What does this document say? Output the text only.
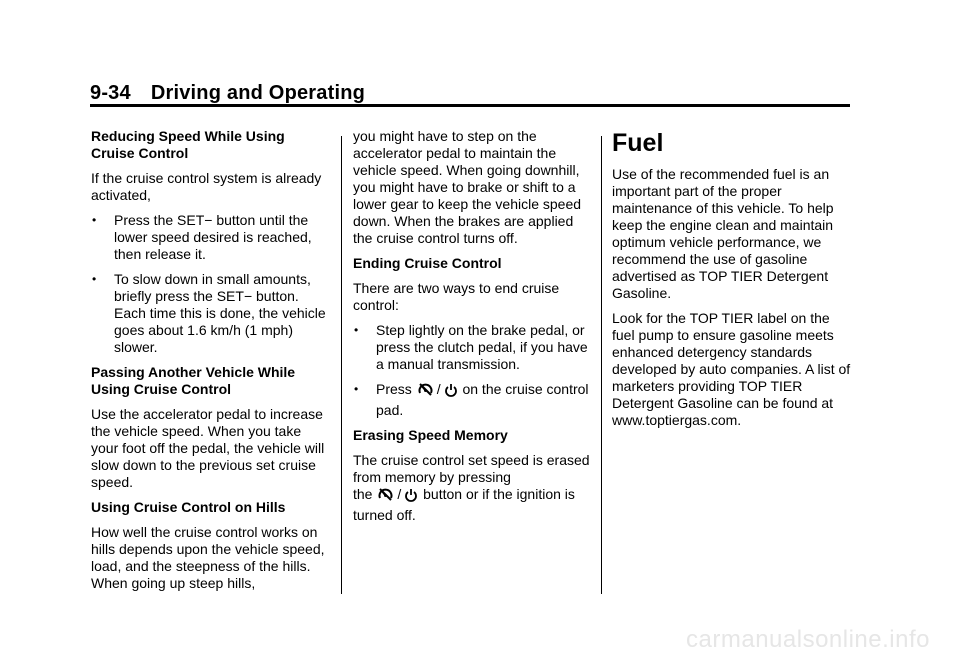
9-34 Driving and Operating
Reducing Speed While Using Cruise Control

If the cruise control system is already activated,

• Press the SET− button until the lower speed desired is reached, then release it.
• To slow down in small amounts, briefly press the SET− button. Each time this is done, the vehicle goes about 1.6 km/h (1 mph) slower.
Passing Another Vehicle While Using Cruise Control

Use the accelerator pedal to increase the vehicle speed. When you take your foot off the pedal, the vehicle will slow down to the previous set cruise speed.

Using Cruise Control on Hills

How well the cruise control works on hills depends upon the vehicle speed, load, and the steepness of the hills. When going up steep hills,

you might have to step on the accelerator pedal to maintain the vehicle speed. When going downhill, you might have to brake or shift to a lower gear to keep the vehicle speed down. When the brakes are applied the cruise control turns off.

Ending Cruise Control

There are two ways to end cruise control:

• Step lightly on the brake pedal, or press the clutch pedal, if you have a manual transmission.
• Press / on the cruise control pad.
Erasing Speed Memory

The cruise control set speed is erased from memory by pressing

the / button or if the ignition is turned off.

Fuel

Use of the recommended fuel is an important part of the proper maintenance of this vehicle. To help keep the engine clean and maintain optimum vehicle performance, we recommend the use of gasoline advertised as TOP TIER Detergent Gasoline.

Look for the TOP TIER label on the fuel pump to ensure gasoline meets enhanced detergency standards developed by auto companies. A list of marketers providing TOP TIER Detergent Gasoline can be found at www.toptiergas.com.

carmanualsonline.info
